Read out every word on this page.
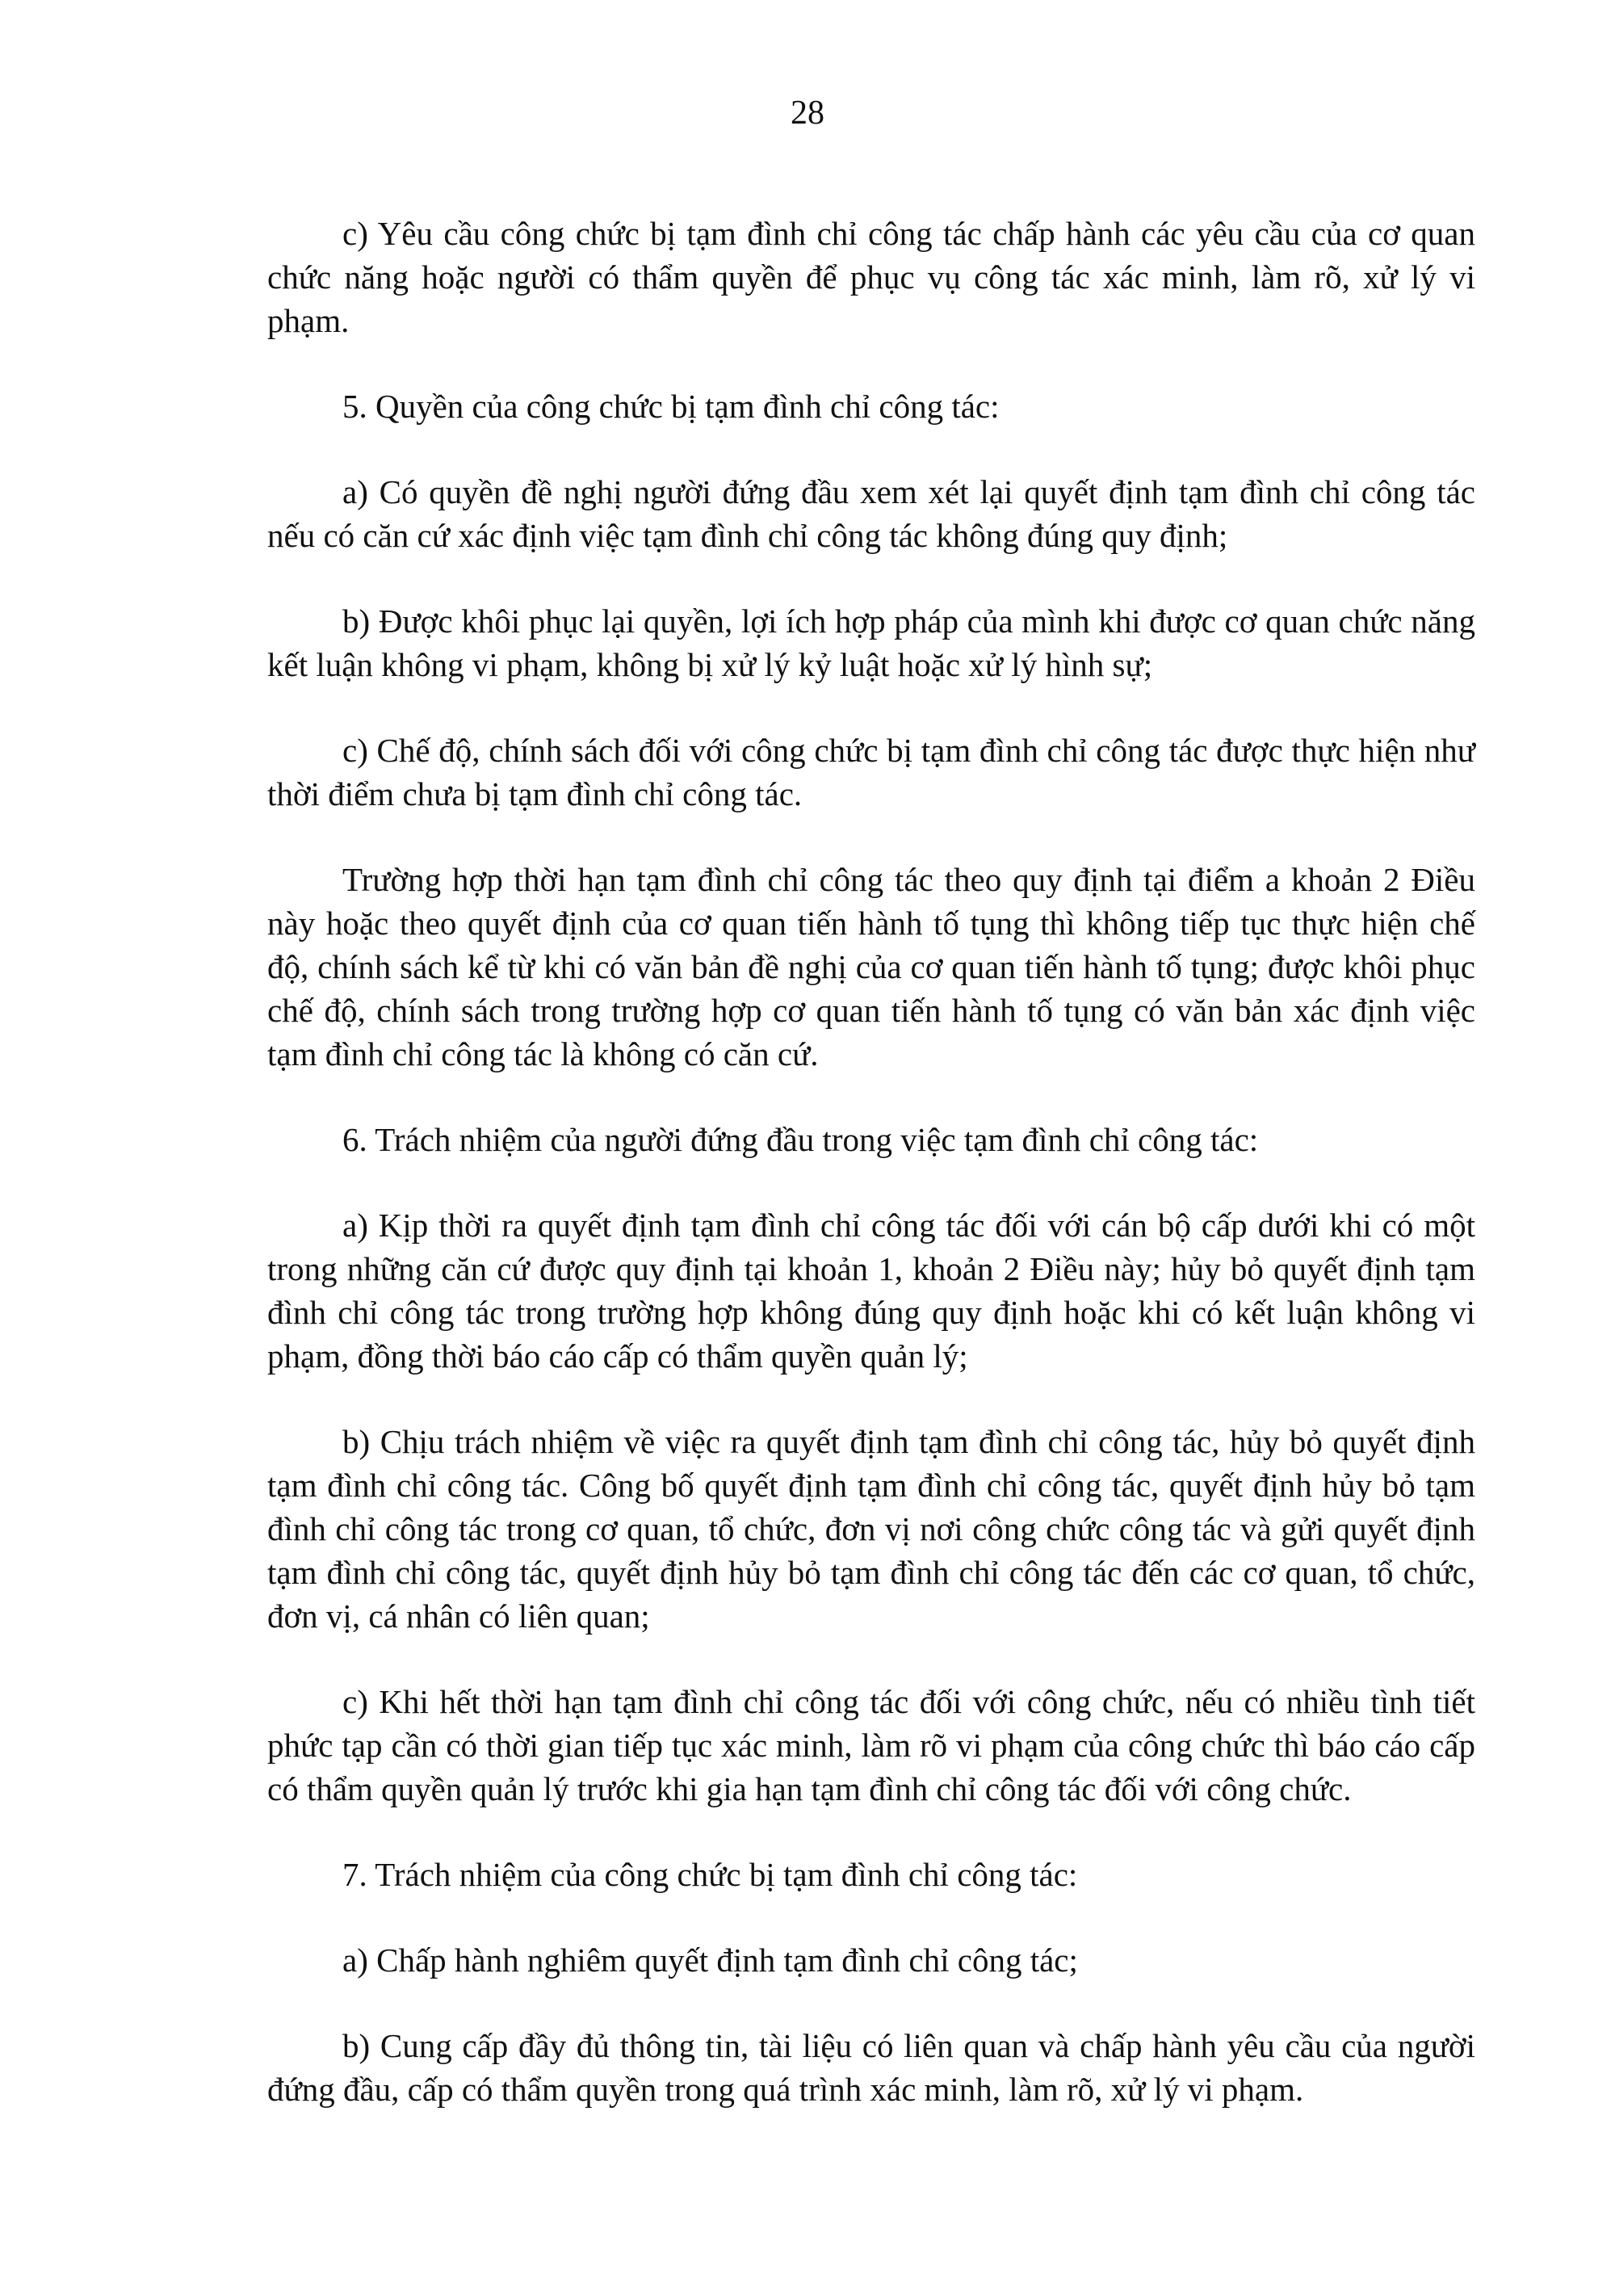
28

c) Yêu cầu công chức bị tạm đình chỉ công tác chấp hành các yêu cầu của cơ quan chức năng hoặc người có thẩm quyền để phục vụ công tác xác minh, làm rõ, xử lý vi phạm.

5. Quyền của công chức bị tạm đình chỉ công tác:

a) Có quyền đề nghị người đứng đầu xem xét lại quyết định tạm đình chỉ công tác nếu có căn cứ xác định việc tạm đình chỉ công tác không đúng quy định;

b) Được khôi phục lại quyền, lợi ích hợp pháp của mình khi được cơ quan chức năng kết luận không vi phạm, không bị xử lý kỷ luật hoặc xử lý hình sự;

c) Chế độ, chính sách đối với công chức bị tạm đình chỉ công tác được thực hiện như thời điểm chưa bị tạm đình chỉ công tác.

Trường hợp thời hạn tạm đình chỉ công tác theo quy định tại điểm a khoản 2 Điều này hoặc theo quyết định của cơ quan tiến hành tố tụng thì không tiếp tục thực hiện chế độ, chính sách kể từ khi có văn bản đề nghị của cơ quan tiến hành tố tụng; được khôi phục chế độ, chính sách trong trường hợp cơ quan tiến hành tố tụng có văn bản xác định việc tạm đình chỉ công tác là không có căn cứ.

6. Trách nhiệm của người đứng đầu trong việc tạm đình chỉ công tác:

a) Kịp thời ra quyết định tạm đình chỉ công tác đối với cán bộ cấp dưới khi có một trong những căn cứ được quy định tại khoản 1, khoản 2 Điều này; hủy bỏ quyết định tạm đình chỉ công tác trong trường hợp không đúng quy định hoặc khi có kết luận không vi phạm, đồng thời báo cáo cấp có thẩm quyền quản lý;

b) Chịu trách nhiệm về việc ra quyết định tạm đình chỉ công tác, hủy bỏ quyết định tạm đình chỉ công tác. Công bố quyết định tạm đình chỉ công tác, quyết định hủy bỏ tạm đình chỉ công tác trong cơ quan, tổ chức, đơn vị nơi công chức công tác và gửi quyết định tạm đình chỉ công tác, quyết định hủy bỏ tạm đình chỉ công tác đến các cơ quan, tổ chức, đơn vị, cá nhân có liên quan;

c) Khi hết thời hạn tạm đình chỉ công tác đối với công chức, nếu có nhiều tình tiết phức tạp cần có thời gian tiếp tục xác minh, làm rõ vi phạm của công chức thì báo cáo cấp có thẩm quyền quản lý trước khi gia hạn tạm đình chỉ công tác đối với công chức.

7. Trách nhiệm của công chức bị tạm đình chỉ công tác:

a) Chấp hành nghiêm quyết định tạm đình chỉ công tác;

b) Cung cấp đầy đủ thông tin, tài liệu có liên quan và chấp hành yêu cầu của người đứng đầu, cấp có thẩm quyền trong quá trình xác minh, làm rõ, xử lý vi phạm.
